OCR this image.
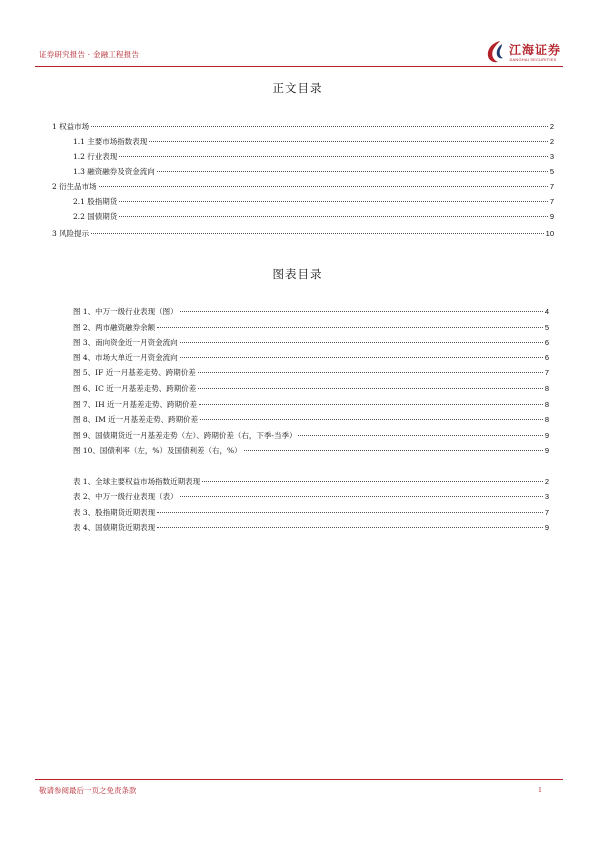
证券研究报告 · 金融工程报告	江海证券
JIANGHAI SECURITIES
正文目录
1 权益市场	2
1.1 主要市场指数表现	2
1.2 行业表现	3
1.3 融资融券及资金流向	5
2 衍生品市场	7
2.1 股指期货	7
2.2 国债期货	9
3 风险提示	10
图表目录
图 1、中万一级行业表现（图）	4
图 2、两市融资融券余额	5
图 3、南向资金近一月资金流向	6
图 4、市场大单近一月资金流向	6
图 5、IF 近一月基差走势、跨期价差	7
图 6、IC 近一月基差走势、跨期价差	8
图 7、IH 近一月基差走势、跨期价差	8
图 8、IM 近一月基差走势、跨期价差	8
图 9、国债期货近一月基差走势（左）、跨期价差（右，下季-当季）	9
图 10、国债利率（左，%）及国债利差（右，%）	9
表 1、全球主要权益市场指数近期表现	2
表 2、中万一级行业表现（表）	3
表 3、股指期货近期表现	7
表 4、国债期货近期表现	9
敬请参阅最后一页之免责条款	1
